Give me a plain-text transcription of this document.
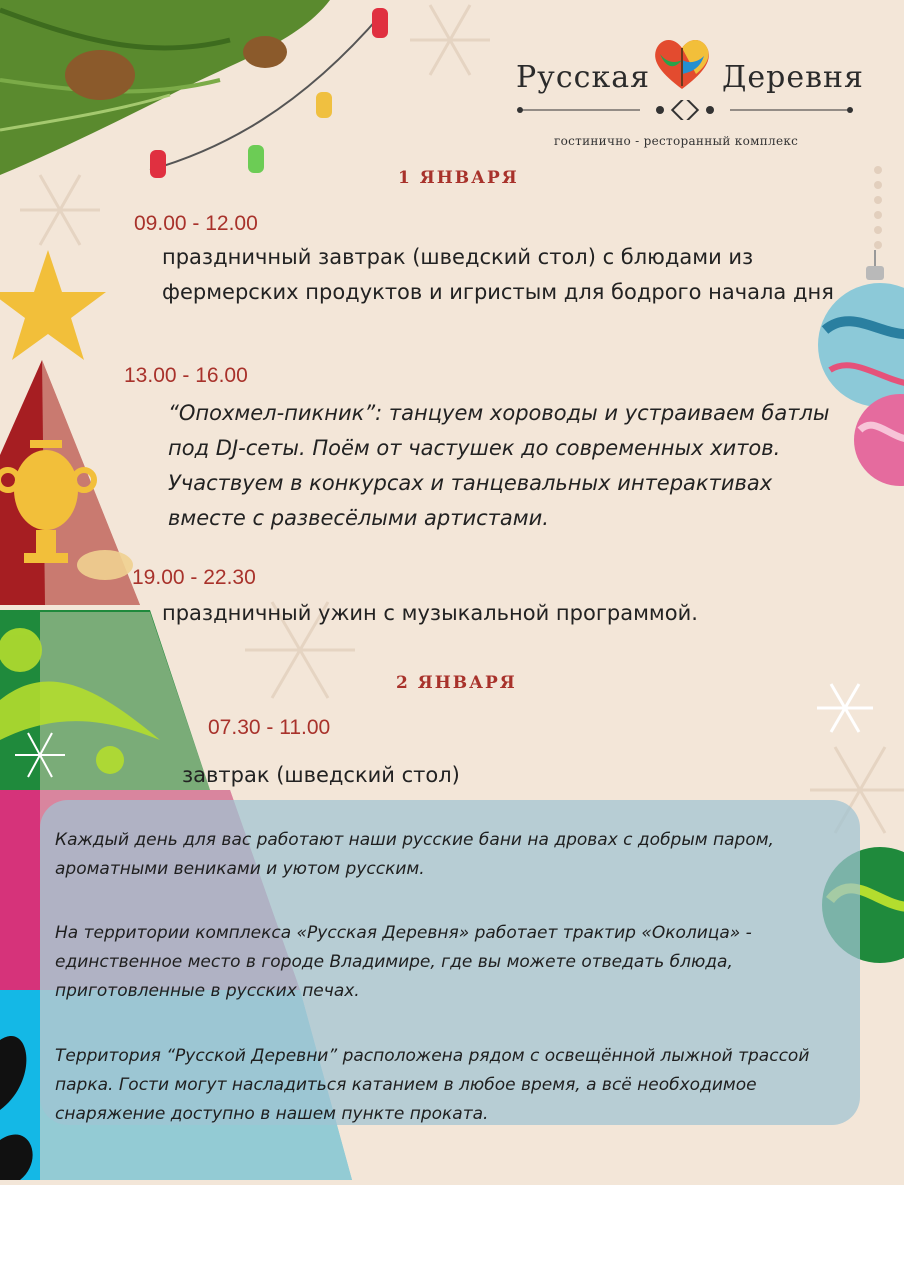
Русская Деревня
гостинично - ресторанный комплекс
1 ЯНВАРЯ
09.00 - 12.00
праздничный завтрак (шведский стол) с блюдами из фермерских продуктов и игристым для бодрого начала дня
13.00 - 16.00
“Опохмел-пикник”: танцуем хороводы и устраиваем батлы под DJ-сеты. Поём от частушек до современных хитов. Участвуем в конкурсах и танцевальных интерактивах вместе с развесёлыми артистами.
19.00 - 22.30
праздничный ужин с музыкальной программой.
2 ЯНВАРЯ
07.30 - 11.00
завтрак (шведский стол)
Каждый день для вас работают наши русские бани на дровах с добрым паром, ароматными вениками и уютом русским.
На территории комплекса «Русская Деревня» работает трактир «Околица» - единственное место в городе Владимире, где вы можете отведать блюда, приготовленные в русских печах.
Территория “Русской Деревни” расположена рядом с освещённой лыжной трассой парка. Гости могут насладиться катанием в любое время, а всё необходимое снаряжение доступно в нашем пункте проката.
